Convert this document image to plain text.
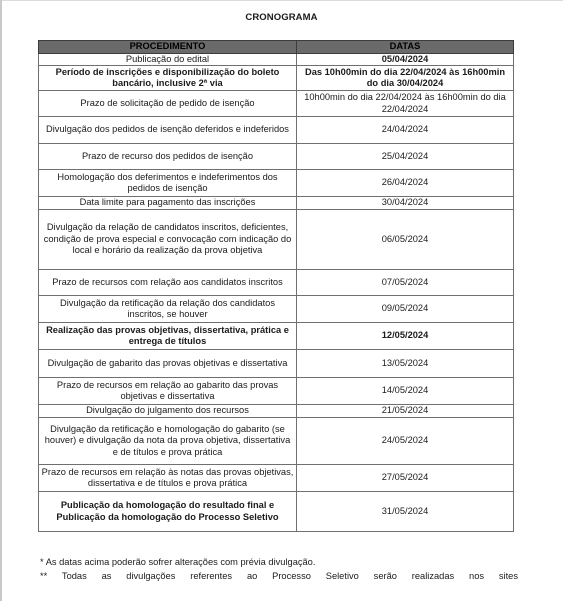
CRONOGRAMA
PROCEDIMENTO	DATAS
Publicação do edital	05/04/2024
Período de inscrições e disponibilização do boleto bancário, inclusive 2ª via	Das 10h00min do dia 22/04/2024 às 16h00min do dia 30/04/2024
Prazo de solicitação de pedido de isenção	10h00min do dia 22/04/2024 às 16h00min do dia 22/04/2024
Divulgação dos pedidos de isenção deferidos e indeferidos	24/04/2024
Prazo de recurso dos pedidos de isenção	25/04/2024
Homologação dos deferimentos e indeferimentos dos pedidos de isenção	26/04/2024
Data limite para pagamento das inscrições	30/04/2024
Divulgação da relação de candidatos inscritos, deficientes, condição de prova especial e convocação com indicação do local e horário da realização da prova objetiva	06/05/2024
Prazo de recursos com relação aos candidatos inscritos	07/05/2024
Divulgação da retificação da relação dos candidatos inscritos, se houver	09/05/2024
Realização das provas objetivas, dissertativa, prática e entrega de títulos	12/05/2024
Divulgação de gabarito das provas objetivas e dissertativa	13/05/2024
Prazo de recursos em relação ao gabarito das provas objetivas e dissertativa	14/05/2024
Divulgação do julgamento dos recursos	21/05/2024
Divulgação da retificação e homologação do gabarito (se houver) e divulgação da nota da prova objetiva, dissertativa e de títulos e prova prática	24/05/2024
Prazo de recursos em relação às notas das provas objetivas, dissertativa e de títulos e prova prática	27/05/2024
Publicação da homologação do resultado final e Publicação da homologação do Processo Seletivo	31/05/2024
* As datas acima poderão sofrer alterações com prévia divulgação.
** Todas as divulgações referentes ao Processo Seletivo serão realizadas nos sites
